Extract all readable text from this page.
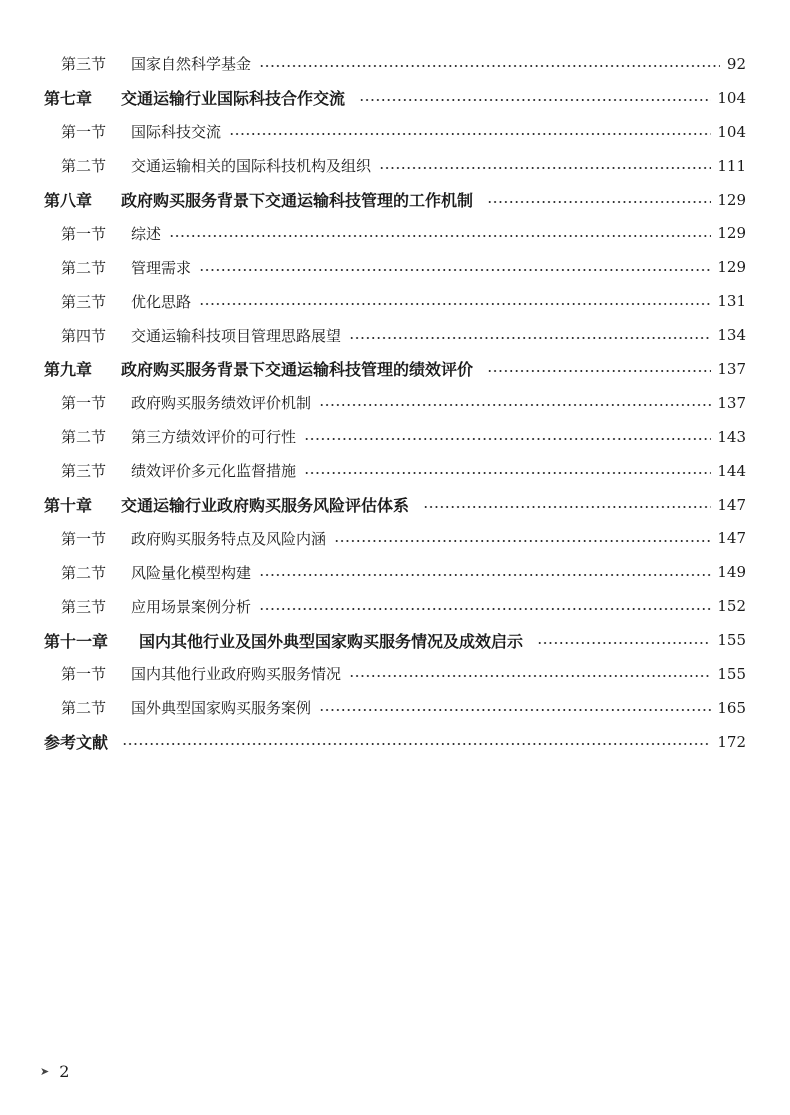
第三节	国家自然科学基金	92
第七章	交通运输行业国际科技合作交流	104
第一节	国际科技交流	104
第二节	交通运输相关的国际科技机构及组织	111
第八章	政府购买服务背景下交通运输科技管理的工作机制	129
第一节	综述	129
第二节	管理需求	129
第三节	优化思路	131
第四节	交通运输科技项目管理思路展望	134
第九章	政府购买服务背景下交通运输科技管理的绩效评价	137
第一节	政府购买服务绩效评价机制	137
第二节	第三方绩效评价的可行性	143
第三节	绩效评价多元化监督措施	144
第十章	交通运输行业政府购买服务风险评估体系	147
第一节	政府购买服务特点及风险内涵	147
第二节	风险量化模型构建	149
第三节	应用场景案例分析	152
第十一章	国内其他行业及国外典型国家购买服务情况及成效启示	155
第一节	国内其他行业政府购买服务情况	155
第二节	国外典型国家购买服务案例	165
参考文献	172
➤ 2
